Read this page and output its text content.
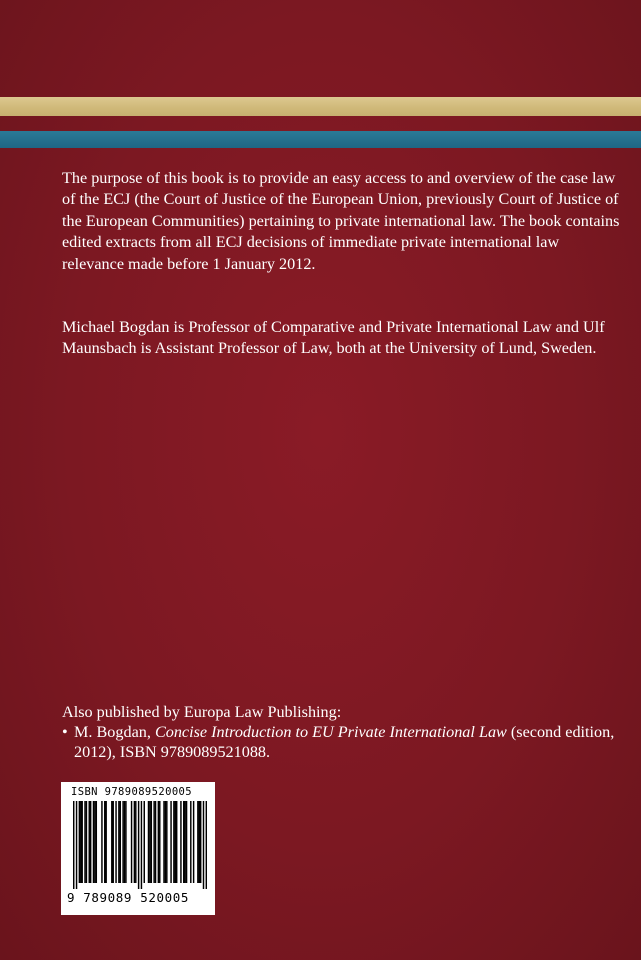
The purpose of this book is to provide an easy access to and overview of the case law of the ECJ (the Court of Justice of the European Union, previously Court of Justice of the European Communities) pertaining to private international law. The book contains edited extracts from all ECJ decisions of immediate private international law relevance made before 1 January 2012.

Michael Bogdan is Professor of Comparative and Private International Law and Ulf Maunsbach is Assistant Professor of Law, both at the University of Lund, Sweden.

Also published by Europa Law Publishing:
• M. Bogdan, Concise Introduction to EU Private International Law (second edition, 2012), ISBN 9789089521088.
ISBN 9789089520005
9 789089 520005
